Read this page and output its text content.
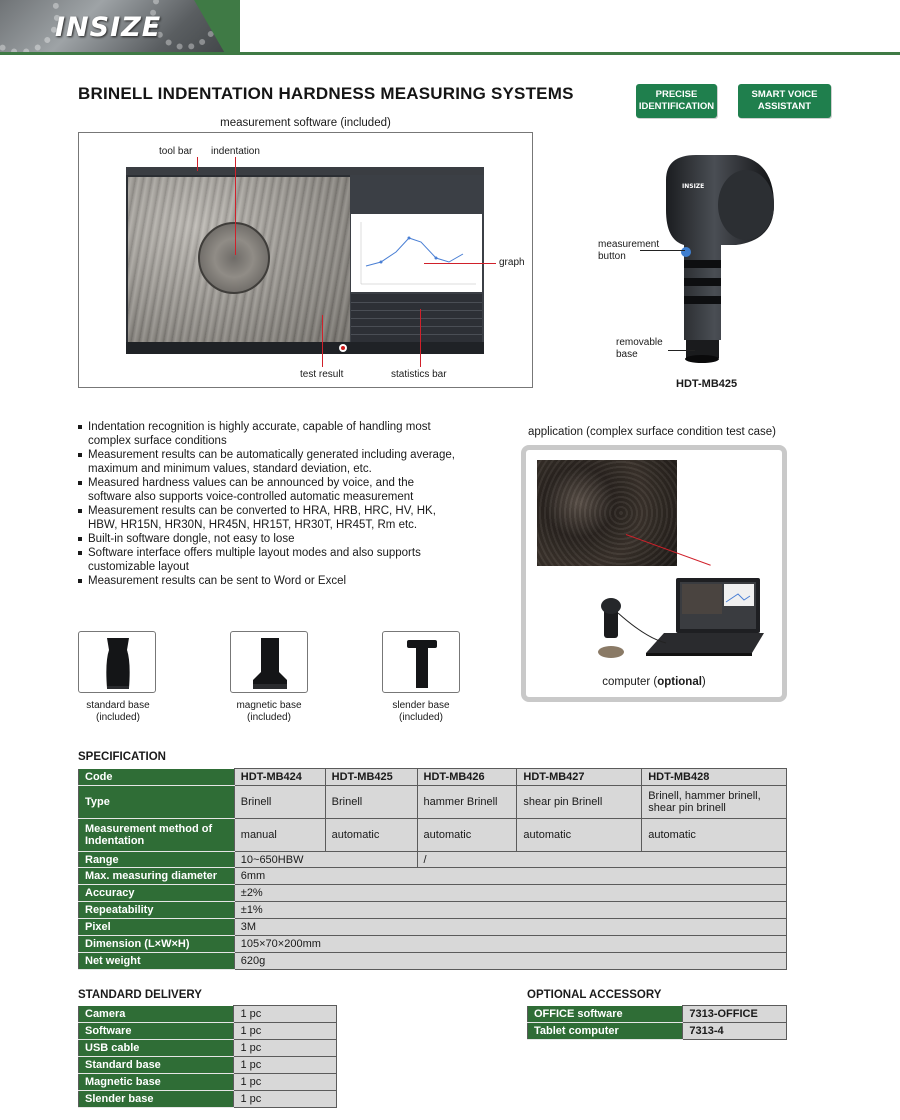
INSIZE
BRINELL INDENTATION HARDNESS MEASURING SYSTEMS	PRECISE
IDENTIFICATION
SMART VOICE
ASSISTANT
measurement software (included)
tool bar indentation
graph
test result	statistics bar
INSIZE
measurement button
removable base
HDT-MB425
Indentation recognition is highly accurate, capable of handling most complex surface conditions
Measurement results can be automatically generated including average, maximum and minimum values, standard deviation, etc.
Measured hardness values can be announced by voice, and the software also supports voice-controlled automatic measurement
Measurement results can be converted to HRA, HRB, HRC, HV, HK, HBW, HR15N, HR30N, HR45N, HR15T, HR30T, HR45T, Rm etc.
Built-in software dongle, not easy to lose
Software interface offers multiple layout modes and also supports customizable layout
Measurement results can be sent to Word or Excel
application (complex surface condition test case)
computer (optional)
standard base
(included)
magnetic base
(included)
slender base
(included)
SPECIFICATION
Code	HDT-MB424	HDT-MB425	HDT-MB426	HDT-MB427	HDT-MB428
Type	Brinell	Brinell	hammer Brinell	shear pin Brinell	Brinell, hammer brinell, shear pin brinell
Measurement method of Indentation	manual	automatic	automatic	automatic	automatic
Range	10~650HBW		/		
Max. measuring diameter	6mm				
Accuracy	±2%				
Repeatability	±1%				
Pixel	3M				
Dimension (L×W×H)	105×70×200mm				
Net weight	620g				
STANDARD DELIVERY
Camera	1 pc
Software	1 pc
USB cable	1 pc
Standard base	1 pc
Magnetic base	1 pc
Slender base	1 pc
OPTIONAL ACCESSORY
OFFICE software	7313-OFFICE
Tablet computer	7313-4
